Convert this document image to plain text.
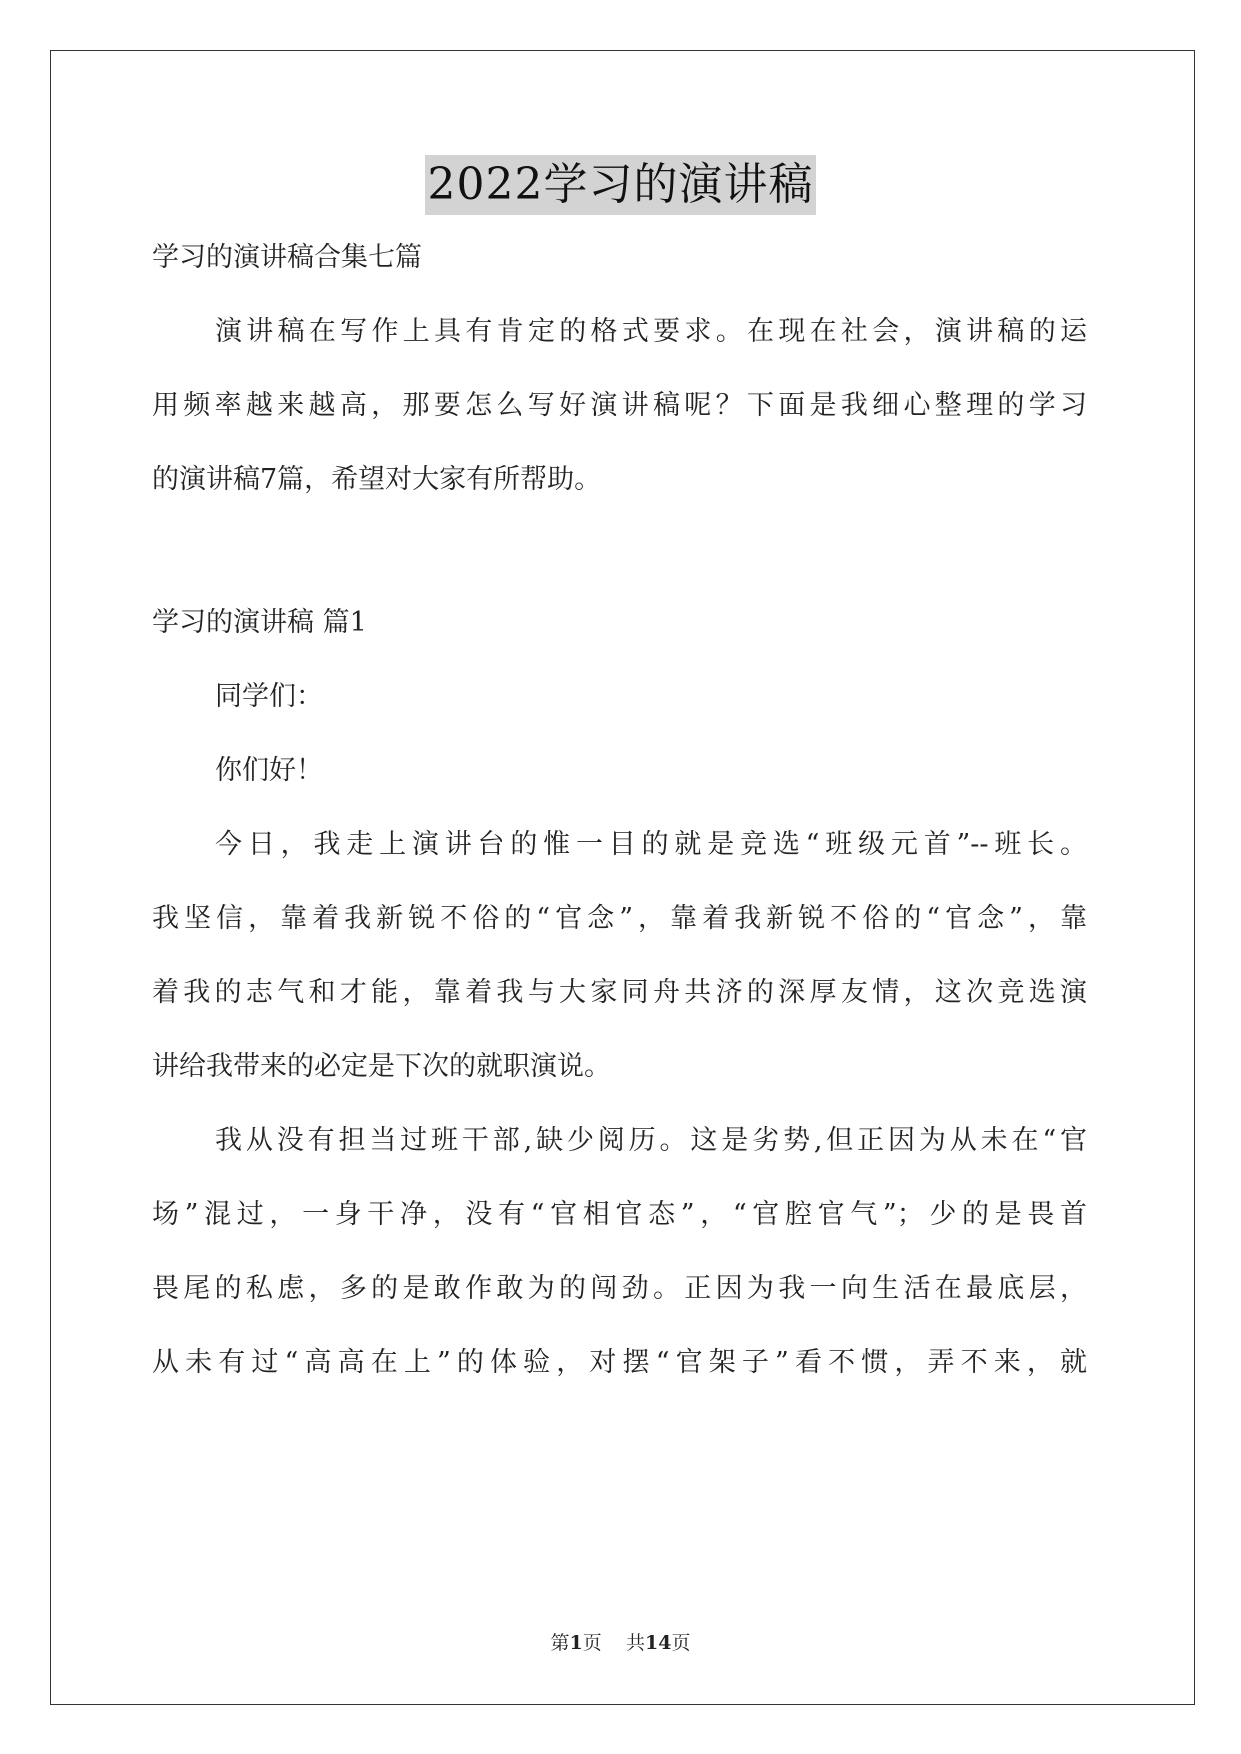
2022学习的演讲稿
学习的演讲稿合集七篇
演讲稿在写作上具有肯定的格式要求。在现在社会，演讲稿的运
用频率越来越高，那要怎么写好演讲稿呢？下面是我细心整理的学习
的演讲稿7篇，希望对大家有所帮助。
学习的演讲稿 篇1
同学们：
你们好！
今日，我走上演讲台的惟一目的就是竞选“班级元首”--班长。
我坚信，靠着我新锐不俗的“官念”，靠着我新锐不俗的“官念”，靠
着我的志气和才能，靠着我与大家同舟共济的深厚友情，这次竞选演
讲给我带来的必定是下次的就职演说。
我从没有担当过班干部,缺少阅历。这是劣势,但正因为从未在“官
场”混过，一身干净，没有“官相官态”，“官腔官气”；少的是畏首
畏尾的私虑，多的是敢作敢为的闯劲。正因为我一向生活在最底层，
从未有过“高高在上”的体验，对摆“官架子”看不惯，弄不来，就
第1页 共14页
